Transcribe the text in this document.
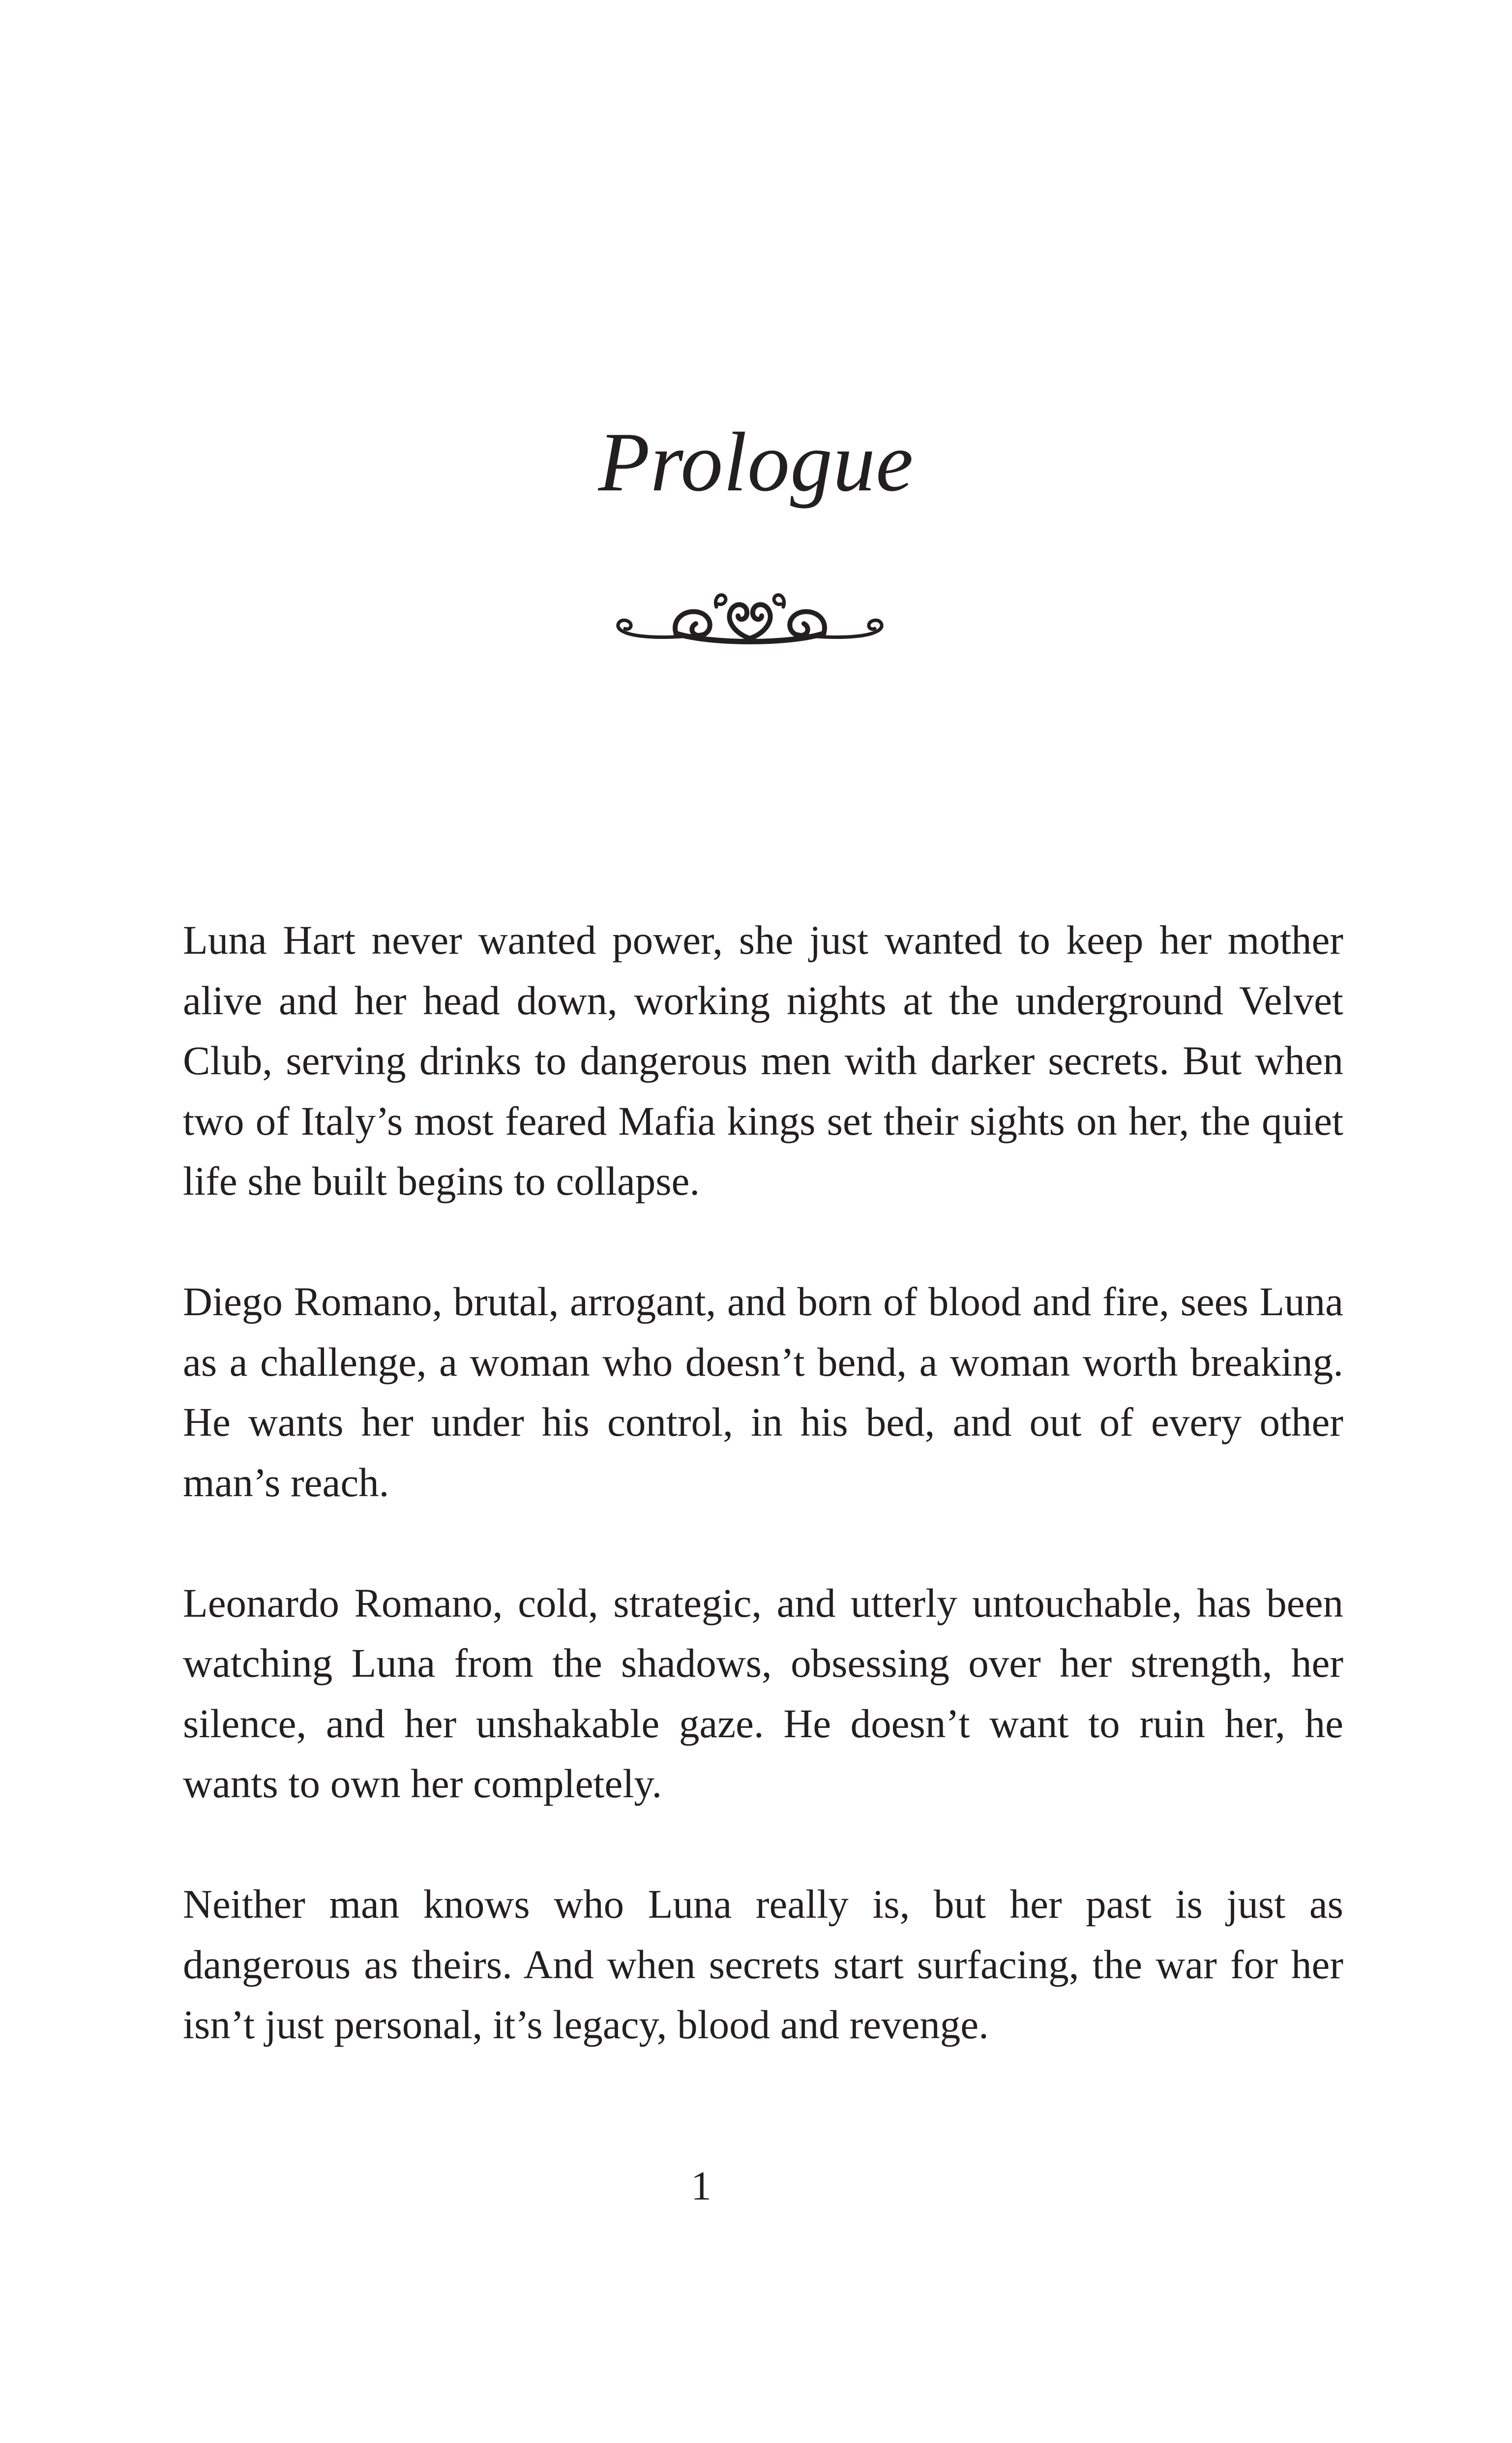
Prologue

Luna Hart never wanted power, she just wanted to keep her mother alive and her head down, working nights at the underground Velvet Club, serving drinks to dangerous men with darker secrets. But when two of Italy’s most feared Mafia kings set their sights on her, the quiet life she built begins to collapse.

Diego Romano, brutal, arrogant, and born of blood and fire, sees Luna as a challenge, a woman who doesn’t bend, a woman worth breaking. He wants her under his control, in his bed, and out of every other man’s reach.

Leonardo Romano, cold, strategic, and utterly untouchable, has been watching Luna from the shadows, obsessing over her strength, her silence, and her unshakable gaze. He doesn’t want to ruin her, he wants to own her completely.

Neither man knows who Luna really is, but her past is just as dangerous as theirs. And when secrets start surfacing, the war for her isn’t just personal, it’s legacy, blood and revenge.

1
